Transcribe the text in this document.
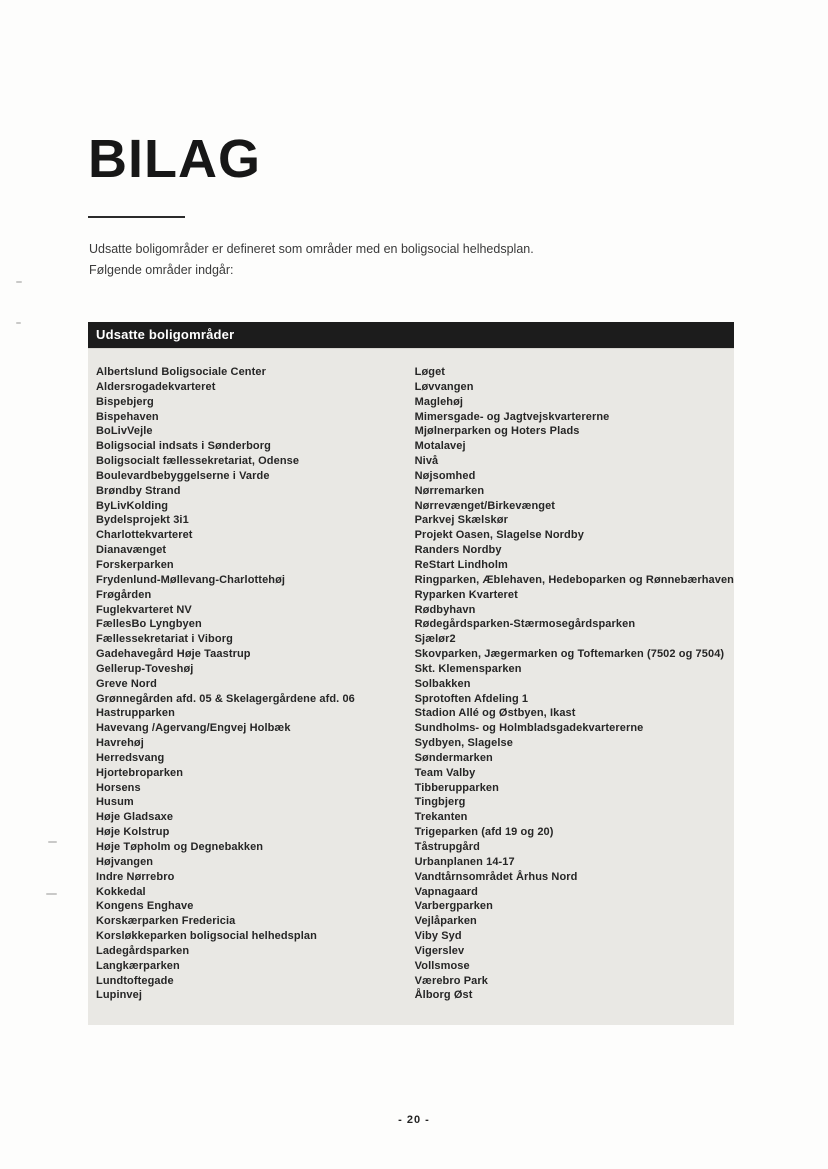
BILAG

Udsatte boligområder er defineret som områder med en boligsocial helhedsplan.

Følgende områder indgår:

Udsatte boligområder
Albertslund Boligsociale Center
Aldersrogadekvarteret
Bispebjerg
Bispehaven
BoLivVejle
Boligsocial indsats i Sønderborg
Boligsocialt fællessekretariat, Odense
Boulevardbebyggelserne i Varde
Brøndby Strand
ByLivKolding
Bydelsprojekt 3i1
Charlottekvarteret
Dianavænget
Forskerparken
Frydenlund-Møllevang-Charlottehøj
Frøgården
Fuglekvarteret NV
FællesBo Lyngbyen
Fællessekretariat i Viborg
Gadehavegård Høje Taastrup
Gellerup-Toveshøj
Greve Nord
Grønnegården afd. 05 & Skelagergårdene afd. 06
Hastrupparken
Havevang /Agervang/Engvej Holbæk
Havrehøj
Herredsvang
Hjortebroparken
Horsens
Husum
Høje Gladsaxe
Høje Kolstrup
Høje Tøpholm og Degnebakken
Højvangen
Indre Nørrebro
Kokkedal
Kongens Enghave
Korskærparken Fredericia
Korsløkkeparken boligsocial helhedsplan
Ladegårdsparken
Langkærparken
Lundtoftegade
Lupinvej
Løget
Løvvangen
Maglehøj
Mimersgade- og Jagtvejskvartererne
Mjølnerparken og Hoters Plads
Motalavej
Nivå
Nøjsomhed
Nørremarken
Nørrevænget/Birkevænget
Parkvej Skælskør
Projekt Oasen, Slagelse Nordby
Randers Nordby
ReStart Lindholm
Ringparken, Æblehaven, Hedeboparken og Rønnebærhaven
Ryparken Kvarteret
Rødbyhavn
Rødegårdsparken-Stærmosegårdsparken
Sjælør2
Skovparken, Jægermarken og Toftemarken (7502 og 7504)
Skt. Klemensparken
Solbakken
Sprotoften Afdeling 1
Stadion Allé og Østbyen, Ikast
Sundholms- og Holmbladsgadekvartererne
Sydbyen, Slagelse
Søndermarken
Team Valby
Tibberupparken
Tingbjerg
Trekanten
Trigeparken (afd 19 og 20)
Tåstrupgård
Urbanplanen 14-17
Vandtårnsområdet Århus Nord
Vapnagaard
Varbergparken
Vejlåparken
Viby Syd
Vigerslev
Vollsmose
Værebro Park
Ålborg Øst
- 20 -
